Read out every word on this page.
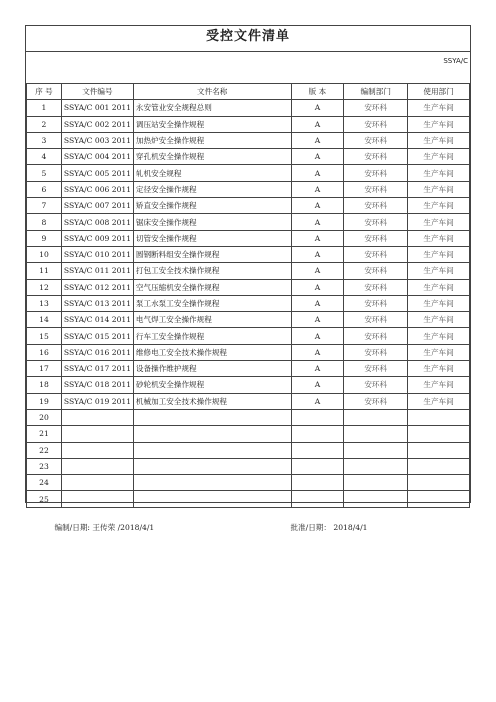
受控文件清单
SSYA/C
序 号	文件编号	文件名称	版 本	编制部门	使用部门
1	SSYA/C 001 2011	永安管业安全规程总则	A	安环科	生产车间
2	SSYA/C 002 2011	调压站安全操作规程	A	安环科	生产车间
3	SSYA/C 003 2011	加热炉安全操作规程	A	安环科	生产车间
4	SSYA/C 004 2011	穿孔机安全操作规程	A	安环科	生产车间
5	SSYA/C 005 2011	轧机安全规程	A	安环科	生产车间
6	SSYA/C 006 2011	定径安全操作规程	A	安环科	生产车间
7	SSYA/C 007 2011	矫直安全操作规程	A	安环科	生产车间
8	SSYA/C 008 2011	锯床安全操作规程	A	安环科	生产车间
9	SSYA/C 009 2011	切管安全操作规程	A	安环科	生产车间
10	SSYA/C 010 2011	圆钢断料组安全操作规程	A	安环科	生产车间
11	SSYA/C 011 2011	打包工安全技术操作规程	A	安环科	生产车间
12	SSYA/C 012 2011	空气压缩机安全操作规程	A	安环科	生产车间
13	SSYA/C 013 2011	泵工水泵工安全操作规程	A	安环科	生产车间
14	SSYA/C 014 2011	电气焊工安全操作规程	A	安环科	生产车间
15	SSYA/C 015 2011	行车工安全操作规程	A	安环科	生产车间
16	SSYA/C 016 2011	维修电工安全技术操作规程	A	安环科	生产车间
17	SSYA/C 017 2011	设备操作维护规程	A	安环科	生产车间
18	SSYA/C 018 2011	砂轮机安全操作规程	A	安环科	生产车间
19	SSYA/C 019 2011	机械加工安全技术操作规程	A	安环科	生产车间
20					
21					
22					
23					
24					
25					

编制/日期: 王传荣 /2018/4/1 批准/日期： 2018/4/1					
